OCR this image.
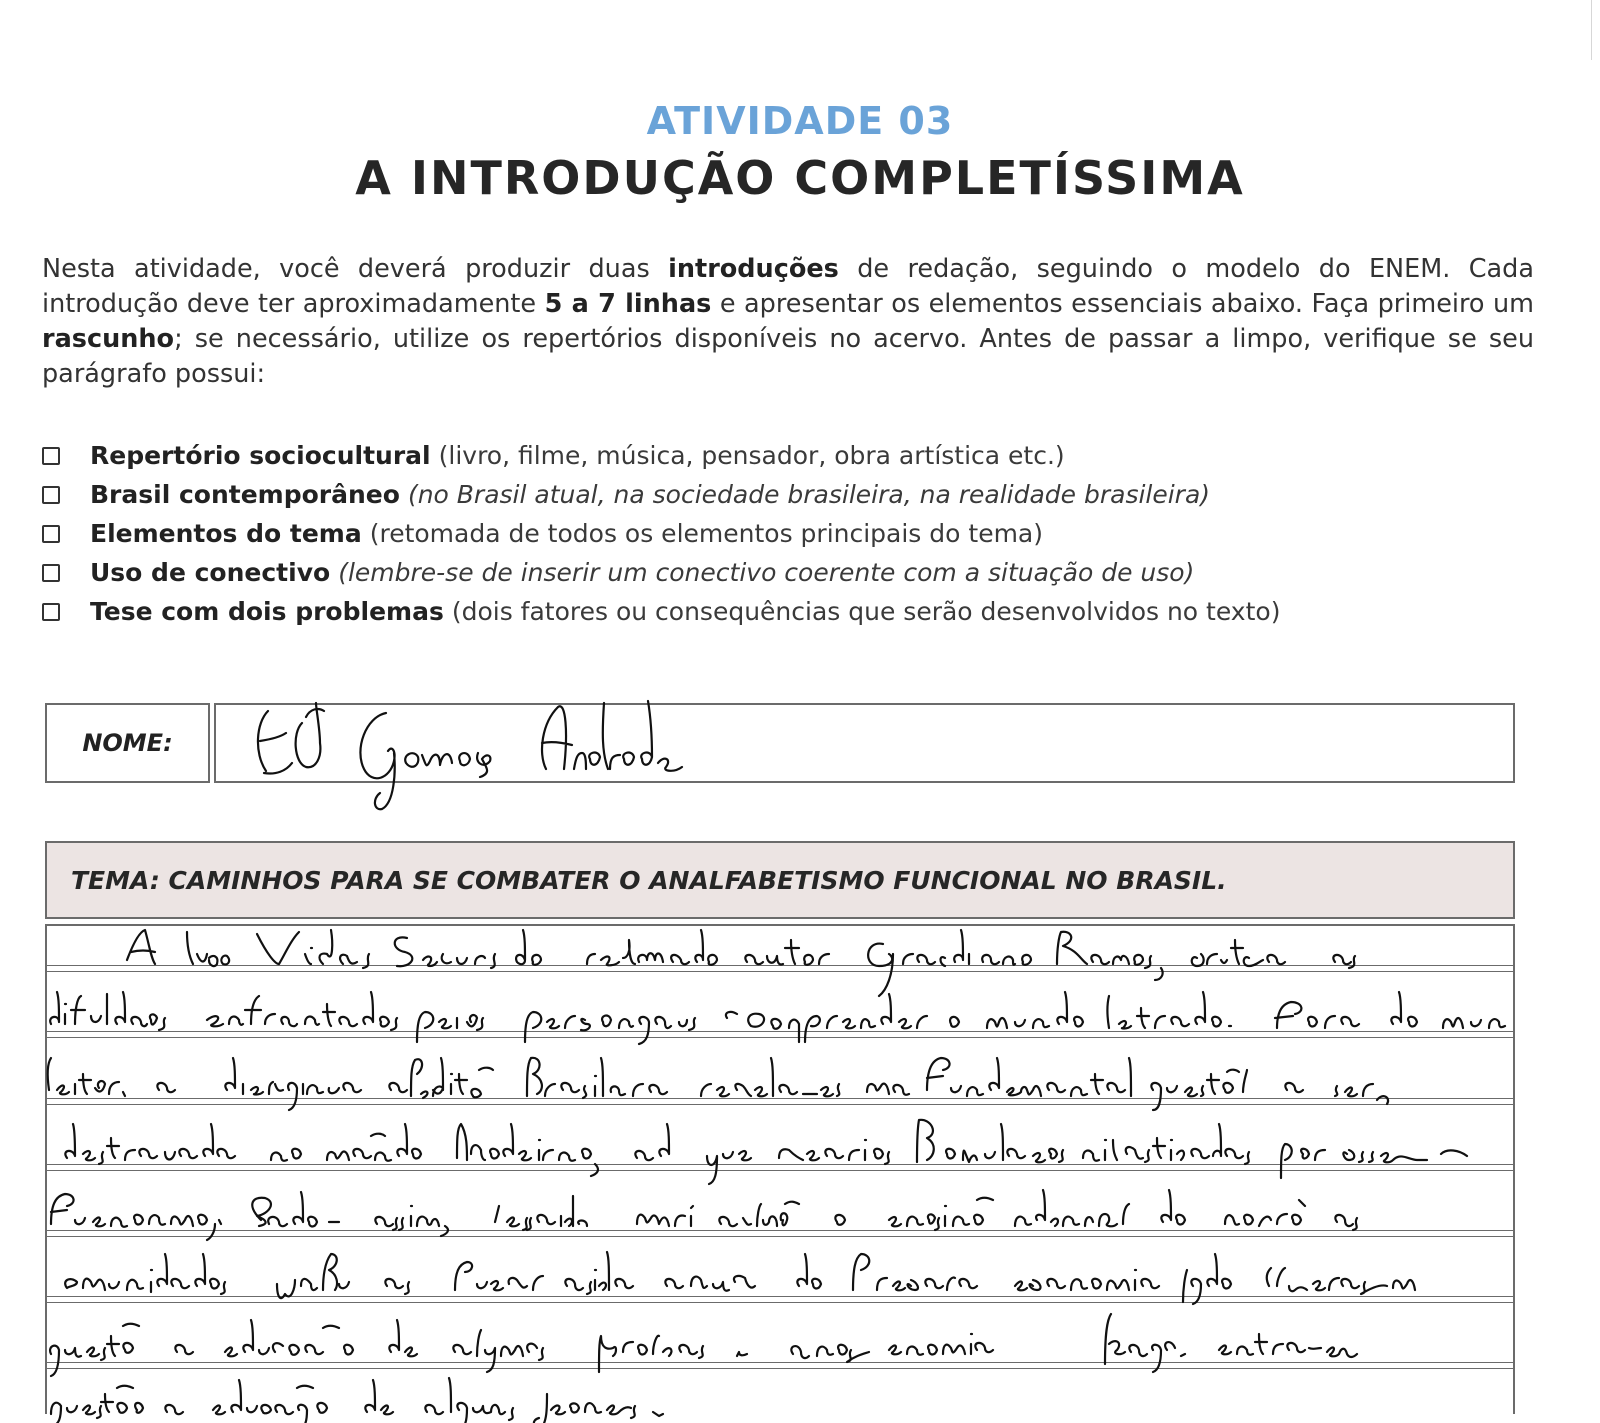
ATIVIDADE 03
A INTRODUÇÃO COMPLETÍSSIMA

Nesta atividade, você deverá produzir duas introduções de redação, seguindo o modelo do ENEM. Cada introdução deve ter aproximadamente 5 a 7 linhas e apresentar os elementos essenciais abaixo. Faça primeiro um rascunho; se necessário, utilize os repertórios disponíveis no acervo. Antes de passar a limpo, verifique se seu parágrafo possui:

Repertório sociocultural (livro, filme, música, pensador, obra artística etc.)
Brasil contemporâneo (no Brasil atual, na sociedade brasileira, na realidade brasileira)
Elementos do tema (retomada de todos os elementos principais do tema)
Uso de conectivo (lembre-se de inserir um conectivo coerente com a situação de uso)
Tese com dois problemas (dois fatores ou consequências que serão desenvolvidos no texto)
NOME:
TEMA: CAMINHOS PARA SE COMBATER O ANALFABETISMO FUNCIONAL NO BRASIL.
